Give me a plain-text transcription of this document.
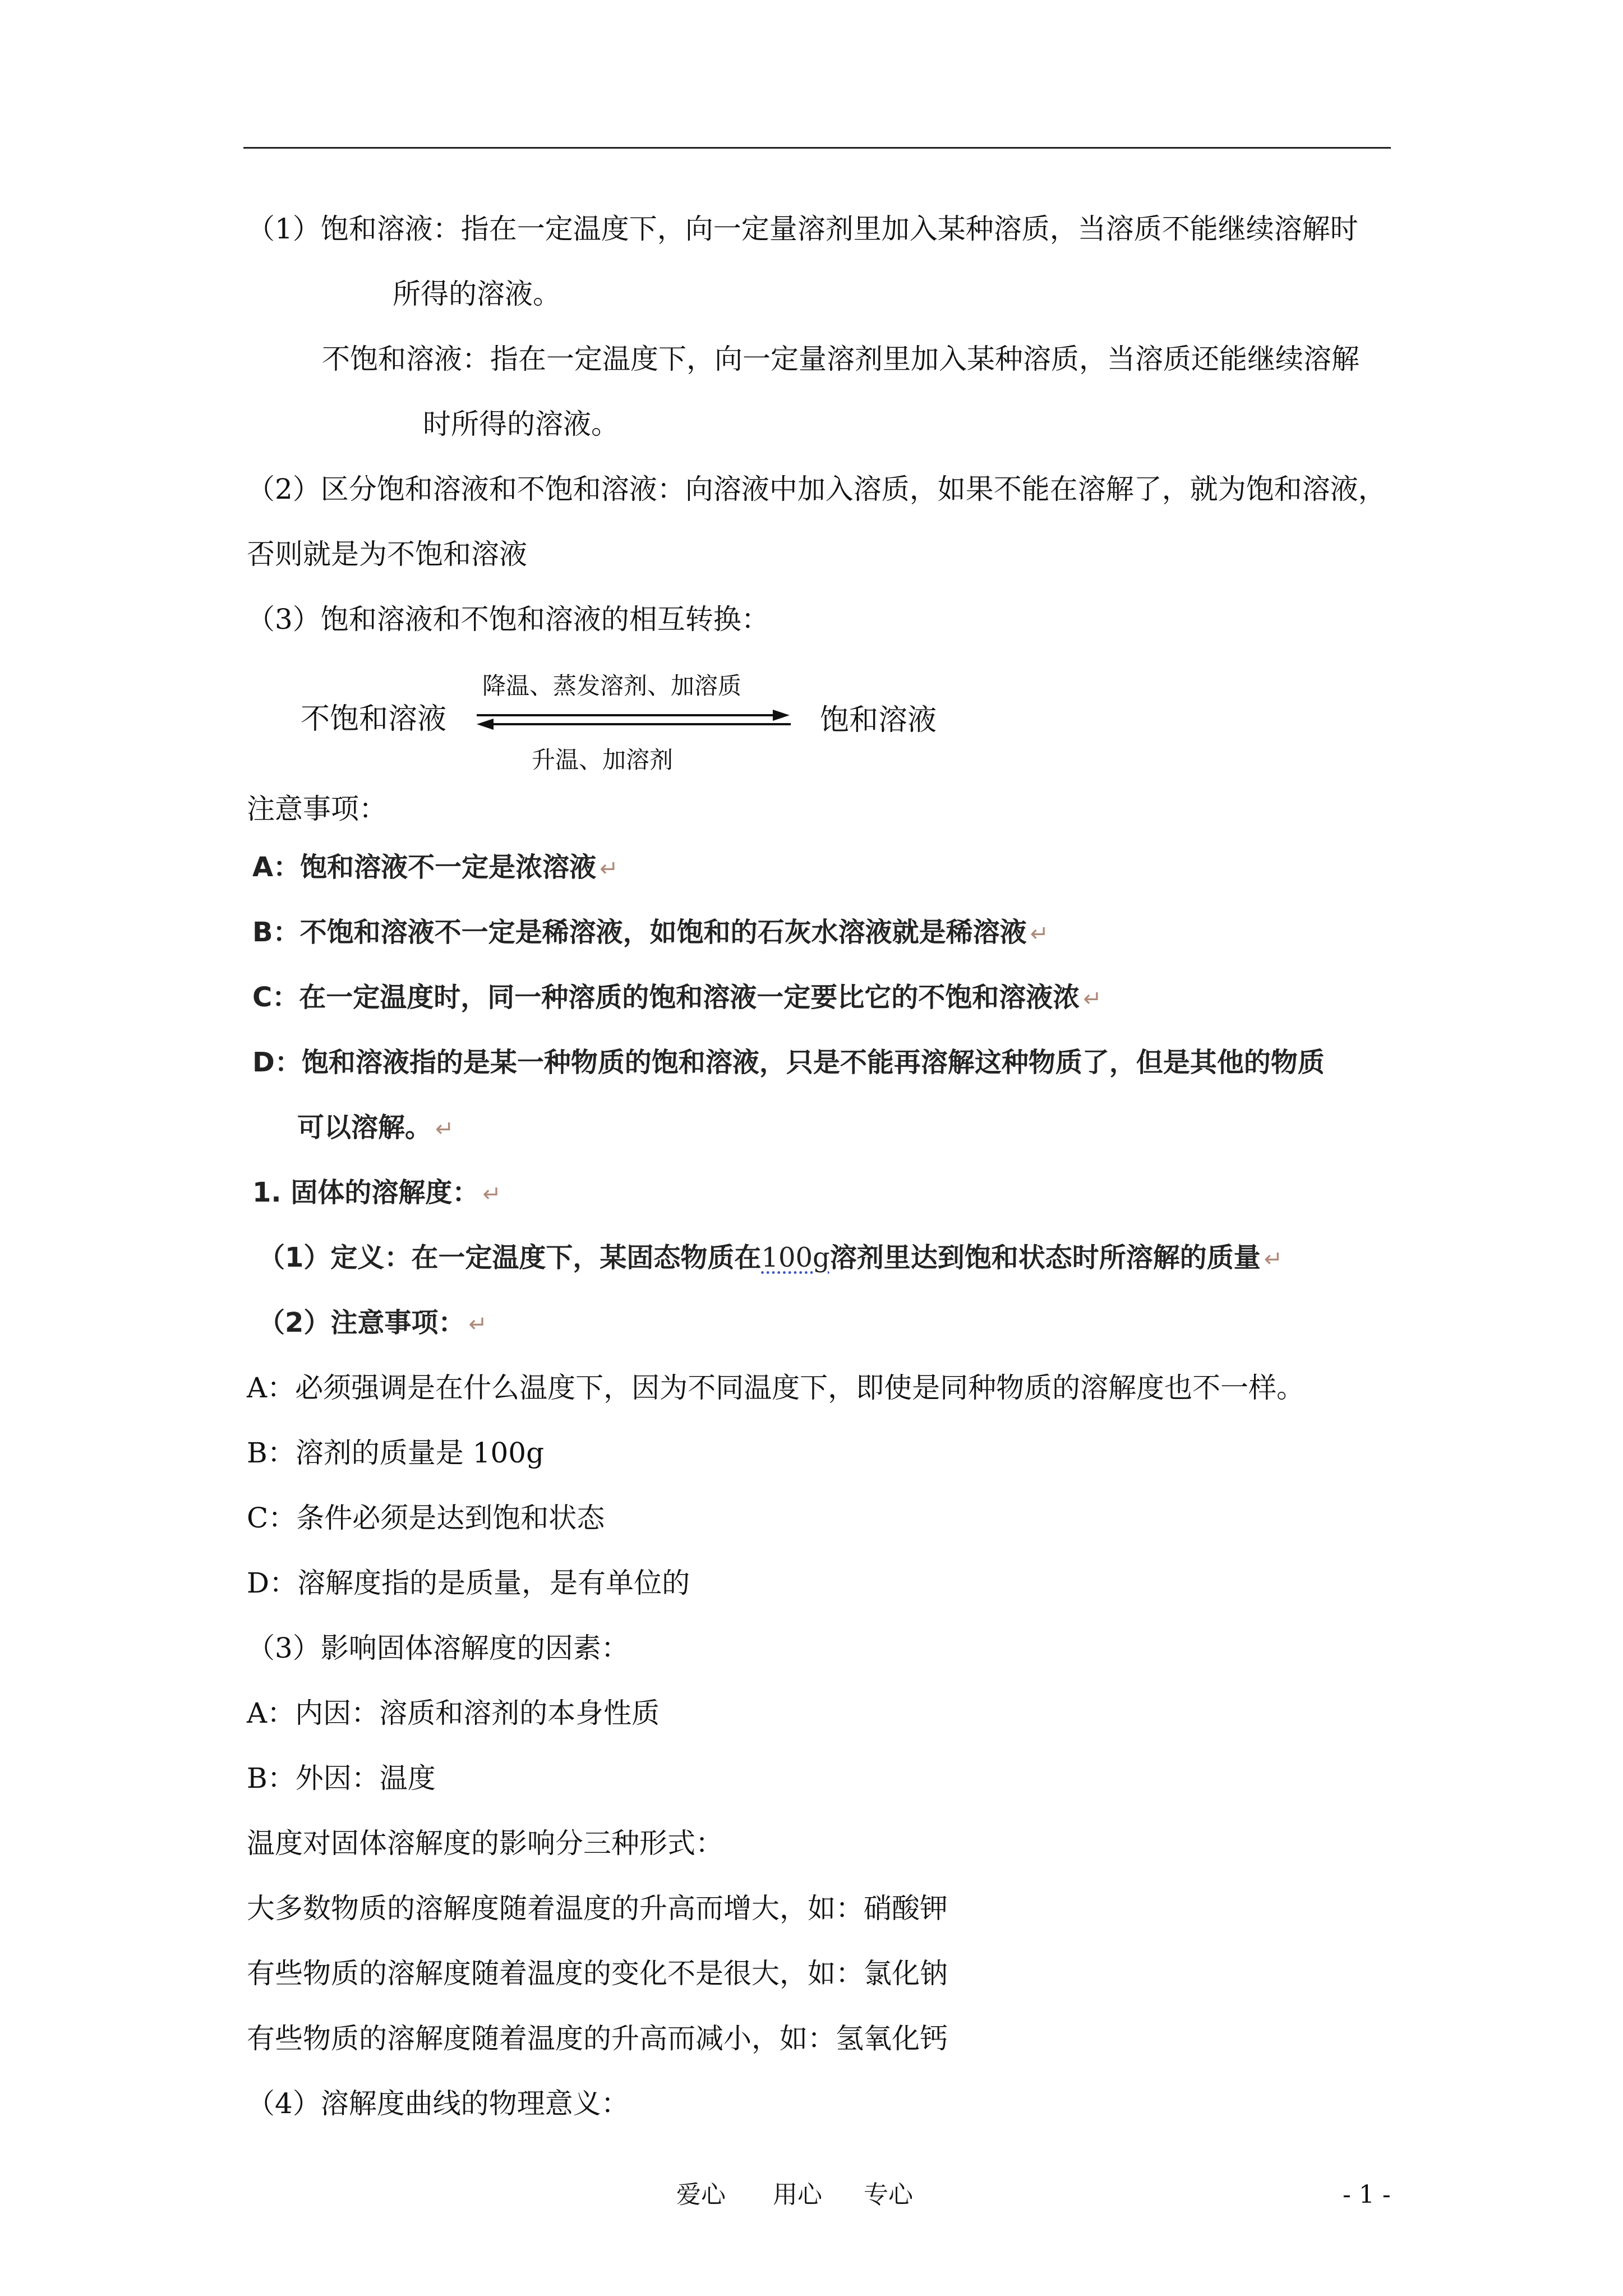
（1）饱和溶液：指在一定温度下，向一定量溶剂里加入某种溶质，当溶质不能继续溶解时
所得的溶液。
不饱和溶液：指在一定温度下，向一定量溶剂里加入某种溶质，当溶质还能继续溶解
时所得的溶液。
（2）区分饱和溶液和不饱和溶液：向溶液中加入溶质，如果不能在溶解了，就为饱和溶液，
否则就是为不饱和溶液
（3）饱和溶液和不饱和溶液的相互转换：
不饱和溶液
降温、蒸发溶剂、加溶质
升温、加溶剂
饱和溶液
注意事项：
A：饱和溶液不一定是浓溶液 ↵
B：不饱和溶液不一定是稀溶液，如饱和的石灰水溶液就是稀溶液 ↵
C：在一定温度时，同一种溶质的饱和溶液一定要比它的不饱和溶液浓 ↵
D：饱和溶液指的是某一种物质的饱和溶液，只是不能再溶解这种物质了，但是其他的物质
可以溶解。 ↵
1. 固体的溶解度： ↵
（1）定义：在一定温度下，某固态物质在100g溶剂里达到饱和状态时所溶解的质量 ↵
（2）注意事项： ↵
A：必须强调是在什么温度下，因为不同温度下，即使是同种物质的溶解度也不一样。
B：溶剂的质量是 100g
C：条件必须是达到饱和状态
D：溶解度指的是质量，是有单位的
（3）影响固体溶解度的因素：
A：内因：溶质和溶剂的本身性质
B：外因：温度
温度对固体溶解度的影响分三种形式：
大多数物质的溶解度随着温度的升高而增大，如：硝酸钾
有些物质的溶解度随着温度的变化不是很大，如：氯化钠
有些物质的溶解度随着温度的升高而减小，如：氢氧化钙
（4）溶解度曲线的物理意义：
爱心 用心 专心	- 1 -
